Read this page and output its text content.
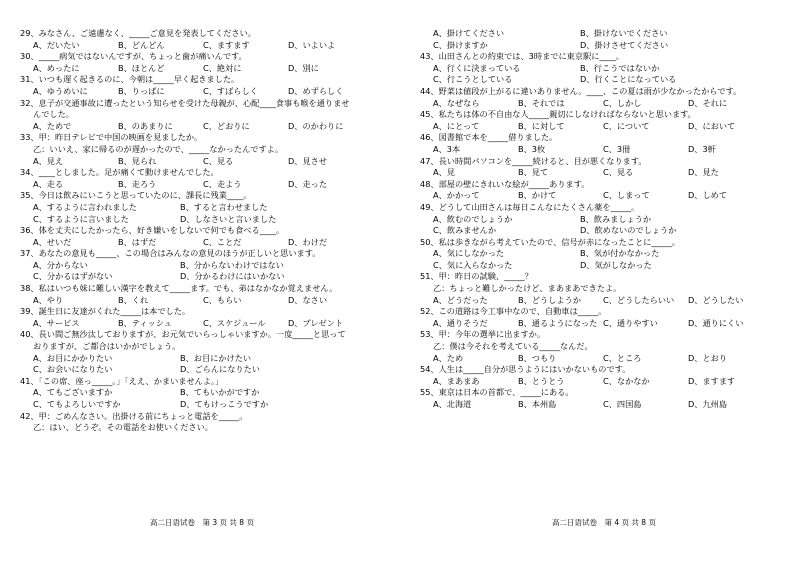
29、みなさん、ご遠慮なく、_____ご意見を発表してください。
A、だいたい	B、どんどん	C、ますます	D、いよいよ
30、_____病気ではないんですが、ちょっと歯が痛いんです。
A、めったに	B、ほとんど	C、絶対に	D、別に
31、いつも遅く起きるのに、今朝は_____早く起きました。
A、ゆうめいに	B、りっぱに	C、すばらしく	D、めずらしく
32、息子が交通事故に遭ったという知らせを受けた母親が、心配____食事も喉を通りませ
んでした。
A、ためで	B、のあまりに	C、どおりに	D、のかわりに
33、甲：昨日テレビで中国の映画を見ましたか。
乙：いいえ、家に帰るのが遅かったので、_____なかったんですよ。
A、見え	B、見られ	C、見る	D、見させ
34、____としました。足が痛くて動けませんでした。
A、走る	B、走ろう	C、走よう	D、走った
35、今日は飲みにいこうと思っていたのに、課長に残業____。
A、するように言われました	B、すると言わせました
C、するように言いました	D、しなさいと言いました
36、体を丈夫にしたかったら、好き嫌いをしないで何でも食べる____。
A、せいだ	B、はずだ	C、ことだ	D、わけだ
37、あなたの意見も_____、この場合はみんなの意見のほうが正しいと思います。
A、分からない	B、分からないわけではない
C、分かるはずがない	D、分かるわけにはいかない
38、私はいつも妹に難しい漢字を教えて_____ます。でも、弟はなかなか覚えません。
A、やり	B、くれ	C、もらい	D、なさい
39、誕生日に友達がくれた_____は本でした。
A、サービス	B、ティッシュ	C、スケジュール	D、プレゼント
40、長い間ご無沙汰しておりますが、お元気でいらっしゃいますか。一度_____と思って
おりますが、ご都合はいかがでしょう。
A、お目にかかりたい	B、お目にかけたい
C、お会いになりたい	D、ごらんになりたい
41、「この席、座っ_____。」「ええ、かまいませんよ。」
A、てもございますか	B、てもいかがですか
C、てもよろしいですか	D、てもけっこうですか
42、甲：ごめんなさい。出掛ける前にちょっと電話を_____。
乙：はい、どうぞ。その電話をお使いください。
A、掛けてください	B、掛けないでください
C、掛けますか	D、掛けさせてください
43、山田さんとの約束では、3時までに東京駅に____。
A、行くに決まっている	B、行こうではないか
C、行こうとしている	D、行くことになっている
44、野菜は値段が上がるに違いありません。____、この夏は雨が少なかったからです。
A、なぜなら	B、それでは	C、しかし	D、それに
45、私たちは体の不自由な人_____親切にしなければならないと思います。
A、にとって	B、に対して	C、について	D、において
46、図書館で本を_____借りました。
A、3本	B、3枚	C、3冊	D、3軒
47、長い時間パソコンを_____続けると、目が悪くなります。
A、見	B、見て	C、見る	D、見た
48、部屋の壁にきれいな絵が_____あります。
A、かかって	B、かけて	C、しまって	D、しめて
49、どうして山田さんは毎日こんなにたくさん薬を_____。
A、飲むのでしょうか	B、飲みましょうか
C、飲みませんか	D、飲めないのでしょうか
50、私は歩きながら考えていたので、信号が赤になったことに_____。
A、気にしなかった	B、気が付かなかった
C、気に入らなかった	D、気がしなかった
51、甲：昨日の試験、_____？
乙：ちょっと難しかったけど、まあまあできたよ。
A、どうだった	B、どうしようか	C、どうしたらいい D、どうしたい
52、この道路は今工事中なので、自動車は_____。
A、通りそうだ	B、通るようになった C、通りやすい	D、通りにくい
53、甲：今年の選挙に出ますか。
乙：僕は今それを考えている_____なんだ。
A、ため	B、つもり	C、ところ	D、とおり
54、人生は_____自分が思うようにはいかないものです。
A、まあまあ	B、とうとう	C、なかなか	D、ますます
55、東京は日本の首都で、_____にある。
A、北海道	B、本州島	C、四国島	D、九州島
高二日语试卷　第 3 页 共 8 页	高二日语试卷　第 4 页 共 8 页
